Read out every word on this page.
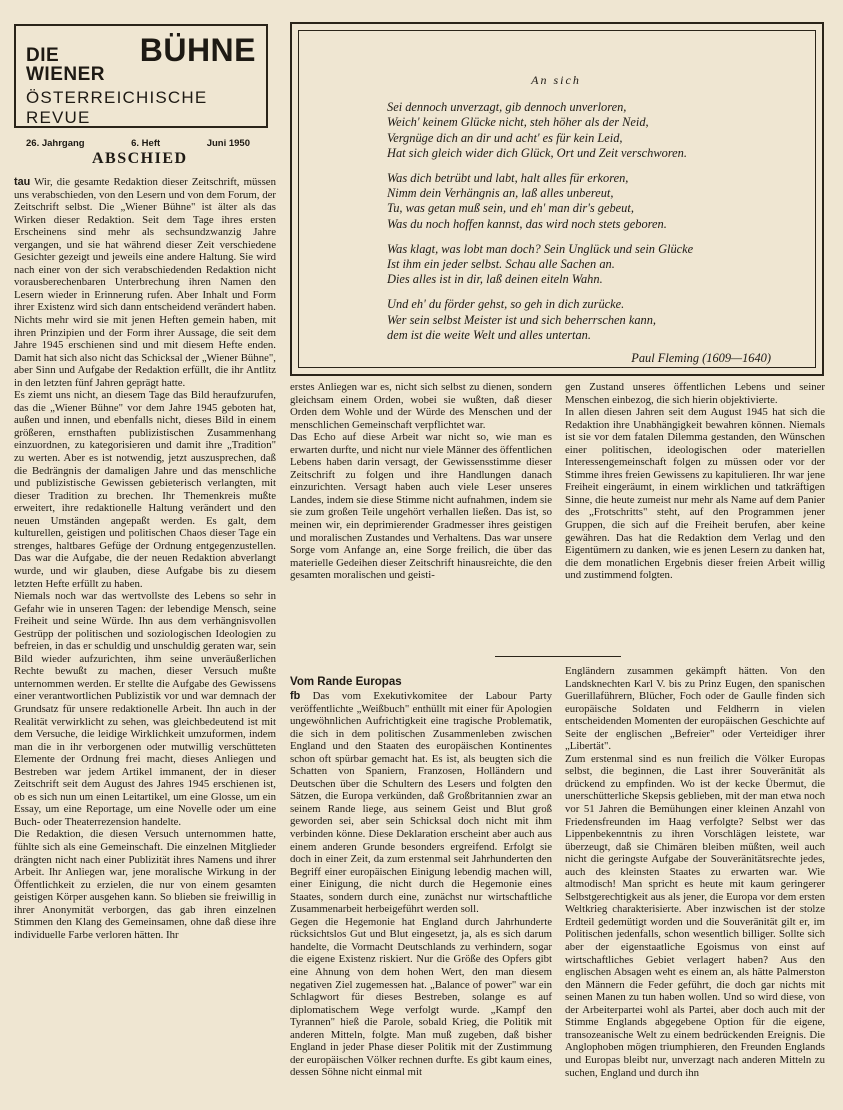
DIE WIENER
BÜHNE
ÖSTERREICHISCHE REVUE
26. Jahrgang	6. Heft	Juni 1950
An sich
Sei dennoch unverzagt, gib dennoch unverloren,
Weich' keinem Glücke nicht, steh höher als der Neid,
Vergnüge dich an dir und acht' es für kein Leid,
Hat sich gleich wider dich Glück, Ort und Zeit verschworen.
Was dich betrübt und labt, halt alles für erkoren,
Nimm dein Verhängnis an, laß alles unbereut,
Tu, was getan muß sein, und eh' man dir's gebeut,
Was du noch hoffen kannst, das wird noch stets geboren.
Was klagt, was lobt man doch? Sein Unglück und sein Glücke
Ist ihm ein jeder selbst. Schau alle Sachen an.
Dies alles ist in dir, laß deinen eiteln Wahn.
Und eh' du förder gehst, so geh in dich zurücke.
Wer sein selbst Meister ist und sich beherrschen kann,
dem ist die weite Welt und alles untertan.
Paul Fleming (1609—1640)
ABSCHIED

tau Wir, die gesamte Redaktion dieser Zeitschrift, müssen uns verabschieden, von den Lesern und von dem Forum, der Zeitschrift selbst. Die „Wiener Bühne" ist älter als das Wirken dieser Redaktion. Seit dem Tage ihres ersten Erscheinens sind mehr als sechsundzwanzig Jahre vergangen, und sie hat während dieser Zeit verschiedene Gesichter gezeigt und jeweils eine andere Haltung. Sie wird nach einer von der sich verabschiedenden Redaktion nicht vorausberechenbaren Unterbrechung ihren Namen den Lesern wieder in Erinnerung rufen. Aber Inhalt und Form ihrer Existenz wird sich dann entscheidend verändert haben. Nichts mehr wird sie mit jenen Heften gemein haben, mit ihren Prinzipien und der Form ihrer Aussage, die seit dem Jahre 1945 erschienen sind und mit diesem Hefte enden. Damit hat sich also nicht das Schicksal der „Wiener Bühne", aber Sinn und Aufgabe der Redaktion erfüllt, die ihr Antlitz in den letzten fünf Jahren geprägt hatte.

Es ziemt uns nicht, an diesem Tage das Bild heraufzurufen, das die „Wiener Bühne" vor dem Jahre 1945 geboten hat, außen und innen, und ebenfalls nicht, dieses Bild in einem größeren, ernsthaften publizistischen Zusammenhang einzuordnen, zu kategorisieren und damit ihre „Tradition" zu werten. Aber es ist notwendig, jetzt auszusprechen, daß die Bedrängnis der damaligen Jahre und das menschliche und publizistische Gewissen gebieterisch verlangten, mit dieser Tradition zu brechen. Ihr Themenkreis mußte erweitert, ihre redaktionelle Haltung verändert und den neuen Umständen angepaßt werden. Es galt, dem kulturellen, geistigen und politischen Chaos dieser Tage ein strenges, haltbares Gefüge der Ordnung entgegenzustellen. Das war die Aufgabe, die der neuen Redaktion abverlangt wurde, und wir glauben, diese Aufgabe bis zu diesem letzten Hefte erfüllt zu haben.

Niemals noch war das wertvollste des Lebens so sehr in Gefahr wie in unseren Tagen: der lebendige Mensch, seine Freiheit und seine Würde. Ihn aus dem verhängnisvollen Gestrüpp der politischen und soziologischen Ideologien zu befreien, in das er schuldig und unschuldig geraten war, sein Bild wieder aufzurichten, ihm seine unveräußerlichen Rechte bewußt zu machen, dieser Versuch mußte unternommen werden. Er stellte die Aufgabe des Gewissens einer verantwortlichen Publizistik vor und war demnach der Grundsatz für unsere redaktionelle Arbeit. Ihn auch in der Realität verwirklicht zu sehen, was gleichbedeutend ist mit dem Versuche, die leidige Wirklichkeit umzuformen, indem man die in ihr verborgenen oder mutwillig verschütteten Elemente der Ordnung frei macht, dieses Anliegen und Bestreben war jedem Artikel immanent, der in dieser Zeitschrift seit dem August des Jahres 1945 erschienen ist, ob es sich nun um einen Leitartikel, um eine Glosse, um ein Essay, um eine Reportage, um eine Novelle oder um eine Buch- oder Theaterrezension handelte.

Die Redaktion, die diesen Versuch unternommen hatte, fühlte sich als eine Gemeinschaft. Die einzelnen Mitglieder drängten nicht nach einer Publizität ihres Namens und ihrer Arbeit. Ihr Anliegen war, jene moralische Wirkung in der Öffentlichkeit zu erzielen, die nur von einem gesamten geistigen Körper ausgehen kann. So blieben sie freiwillig in ihrer Anonymität verborgen, das gab ihren einzelnen Stimmen den Klang des Gemeinsamen, ohne daß diese ihre individuelle Farbe verloren hätten. Ihr

erstes Anliegen war es, nicht sich selbst zu dienen, sondern gleichsam einem Orden, wobei sie wußten, daß dieser Orden dem Wohle und der Würde des Menschen und der menschlichen Gemeinschaft verpflichtet war.

Das Echo auf diese Arbeit war nicht so, wie man es erwarten durfte, und nicht nur viele Männer des öffentlichen Lebens haben darin versagt, der Gewissensstimme dieser Zeitschrift zu folgen und ihre Handlungen danach einzurichten. Versagt haben auch viele Leser unseres Landes, indem sie diese Stimme nicht aufnahmen, indem sie sie zum großen Teile ungehört verhallen ließen. Das ist, so meinen wir, ein deprimierender Gradmesser ihres geistigen und moralischen Zustandes und Verhaltens. Das war unsere Sorge vom Anfange an, eine Sorge freilich, die über das materielle Gedeihen dieser Zeitschrift hinausreichte, die den gesamten moralischen und geisti-

gen Zustand unseres öffentlichen Lebens und seiner Menschen einbezog, die sich hierin objektivierte.

In allen diesen Jahren seit dem August 1945 hat sich die Redaktion ihre Unabhängigkeit bewahren können. Niemals ist sie vor dem fatalen Dilemma gestanden, den Wünschen einer politischen, ideologischen oder materiellen Interessengemeinschaft folgen zu müssen oder vor der Stimme ihres freien Gewissens zu kapitulieren. Ihr war jene Freiheit eingeräumt, in einem wirklichen und tatkräftigen Sinne, die heute zumeist nur mehr als Name auf dem Panier des „Frotschritts" steht, auf den Programmen jener Gruppen, die sich auf die Freiheit berufen, aber keine gewähren. Das hat die Redaktion dem Verlag und den Eigentümern zu danken, wie es jenen Lesern zu danken hat, die dem monatlichen Ergebnis dieser freien Arbeit willig und zustimmend folgten.

Vom Rande Europas

fb Das vom Exekutivkomitee der Labour Party veröffentlichte „Weißbuch" enthüllt mit einer für Apologien ungewöhnlichen Aufrichtigkeit eine tragische Problematik, die sich in dem politischen Zusammenleben zwischen England und den Staaten des europäischen Kontinentes schon oft spürbar gemacht hat. Es ist, als beugten sich die Schatten von Spaniern, Franzosen, Holländern und Deutschen über die Schultern des Lesers und folgten den Sätzen, die Europa verkünden, daß Großbritannien zwar an seinem Rande liege, aus seinem Geist und Blut groß geworden sei, aber sein Schicksal doch nicht mit ihm verbinden könne. Diese Deklaration erscheint aber auch aus einem anderen Grunde besonders ergreifend. Erfolgt sie doch in einer Zeit, da zum erstenmal seit Jahrhunderten den Begriff einer europäischen Einigung lebendig machen will, einer Einigung, die nicht durch die Hegemonie eines Staates, sondern durch eine, zunächst nur wirtschaftliche Zusammenarbeit herbeigeführt werden soll.

Gegen die Hegemonie hat England durch Jahrhunderte rücksichtslos Gut und Blut eingesetzt, ja, als es sich darum handelte, die Vormacht Deutschlands zu verhindern, sogar die eigene Existenz riskiert. Nur die Größe des Opfers gibt eine Ahnung von dem hohen Wert, den man diesem negativen Ziel zugemessen hat. „Balance of power" war ein Schlagwort für dieses Bestreben, solange es auf diplomatischem Wege verfolgt wurde. „Kampf den Tyrannen" hieß die Parole, sobald Krieg, die Politik mit anderen Mitteln, folgte. Man muß zugeben, daß bisher England in jeder Phase dieser Politik mit der Zustimmung der europäischen Völker rechnen durfte. Es gibt kaum eines, dessen Söhne nicht einmal mit

Engländern zusammen gekämpft hätten. Von den Landsknechten Karl V. bis zu Prinz Eugen, den spanischen Guerillaführern, Blücher, Foch oder de Gaulle finden sich europäische Soldaten und Feldherrn in vielen entscheidenden Momenten der europäischen Geschichte auf Seite der englischen „Befreier" oder Verteidiger ihrer „Libertät".

Zum erstenmal sind es nun freilich die Völker Europas selbst, die beginnen, die Last ihrer Souveränität als drückend zu empfinden. Wo ist der kecke Übermut, die unerschütterliche Skepsis geblieben, mit der man etwa noch vor 51 Jahren die Bemühungen einer kleinen Anzahl von Friedensfreunden im Haag verfolgte? Selbst wer das Lippenbekenntnis zu ihren Vorschlägen leistete, war überzeugt, daß sie Chimären bleiben müßten, weil auch nicht die geringste Aufgabe der Souveränitätsrechte jedes, auch des kleinsten Staates zu erwarten war. Wie altmodisch! Man spricht es heute mit kaum geringerer Selbstgerechtigkeit aus als jener, die Europa vor dem ersten Weltkrieg charakterisierte. Aber inzwischen ist der stolze Erdteil gedemütigt worden und die Souveränität gilt er, im Politischen jedenfalls, schon wesentlich billiger. Sollte sich aber der eigenstaatliche Egoismus von einst auf wirtschaftliches Gebiet verlagert haben? Aus den englischen Absagen weht es einem an, als hätte Palmerston den Männern die Feder geführt, die doch gar nichts mit seinen Manen zu tun haben wollen. Und so wird diese, von der Arbeiterpartei wohl als Partei, aber doch auch mit der Stimme Englands abgegebene Option für die eigene, transozeanische Welt zu einem bedrückenden Ereignis. Die Anglophoben mögen triumphieren, den Freunden Englands und Europas bleibt nur, unverzagt nach anderen Mitteln zu suchen, England und durch ihn
